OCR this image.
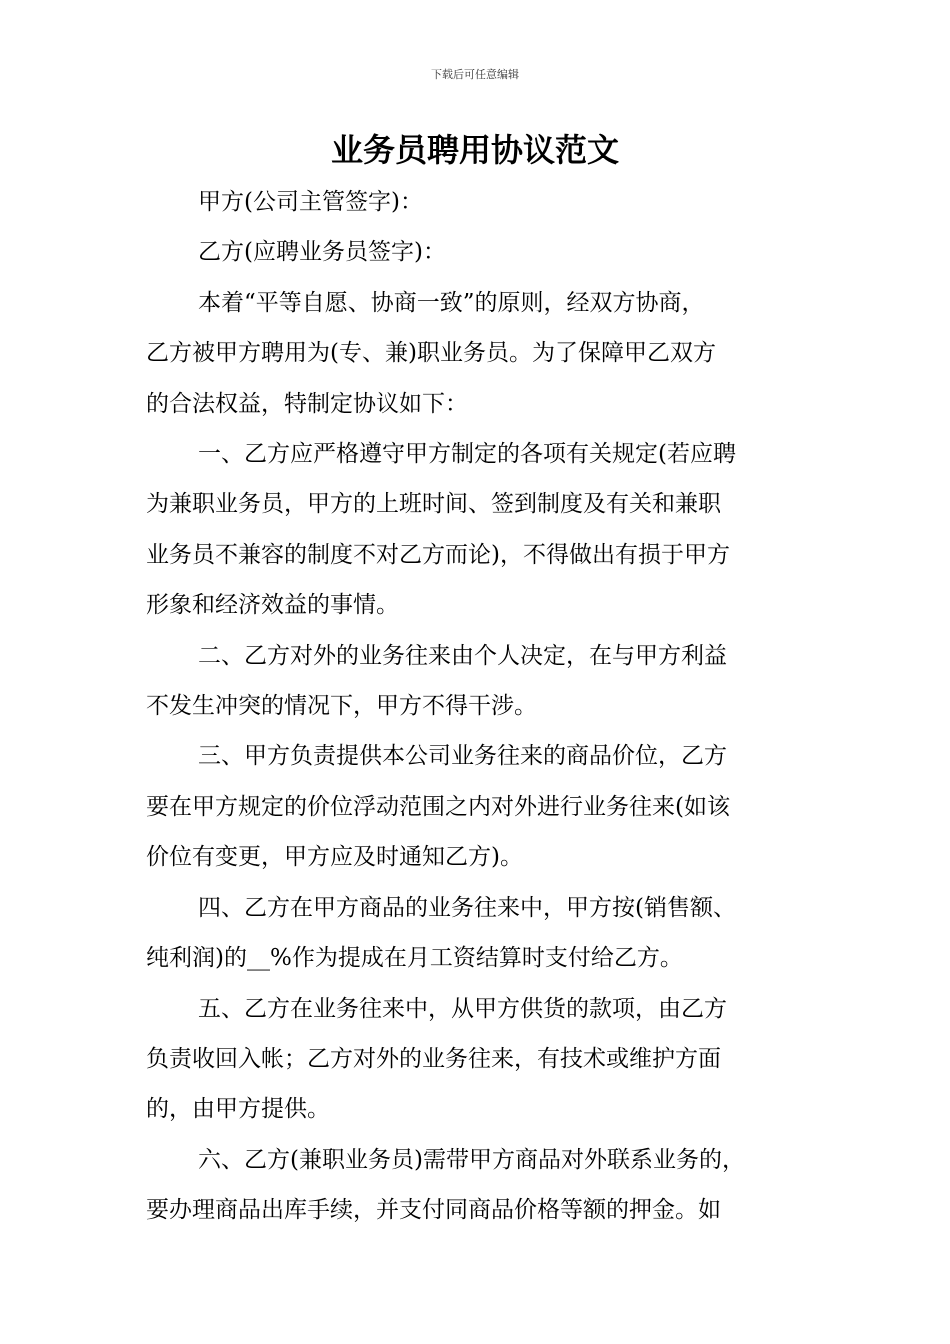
下载后可任意编辑
业务员聘用协议范文
甲方(公司主管签字)：
乙方(应聘业务员签字)：
本着“平等自愿、协商一致”的原则，经双方协商，
乙方被甲方聘用为(专、兼)职业务员。为了保障甲乙双方
的合法权益，特制定协议如下：
一、乙方应严格遵守甲方制定的各项有关规定(若应聘
为兼职业务员，甲方的上班时间、签到制度及有关和兼职
业务员不兼容的制度不对乙方而论)，不得做出有损于甲方
形象和经济效益的事情。
二、乙方对外的业务往来由个人决定，在与甲方利益
不发生冲突的情况下，甲方不得干涉。
三、甲方负责提供本公司业务往来的商品价位，乙方
要在甲方规定的价位浮动范围之内对外进行业务往来(如该
价位有变更，甲方应及时通知乙方)。
四、乙方在甲方商品的业务往来中，甲方按(销售额、
纯利润)的__%作为提成在月工资结算时支付给乙方。
五、乙方在业务往来中，从甲方供货的款项，由乙方
负责收回入帐；乙方对外的业务往来，有技术或维护方面
的，由甲方提供。
六、乙方(兼职业务员)需带甲方商品对外联系业务的，
要办理商品出库手续，并支付同商品价格等额的押金。如
